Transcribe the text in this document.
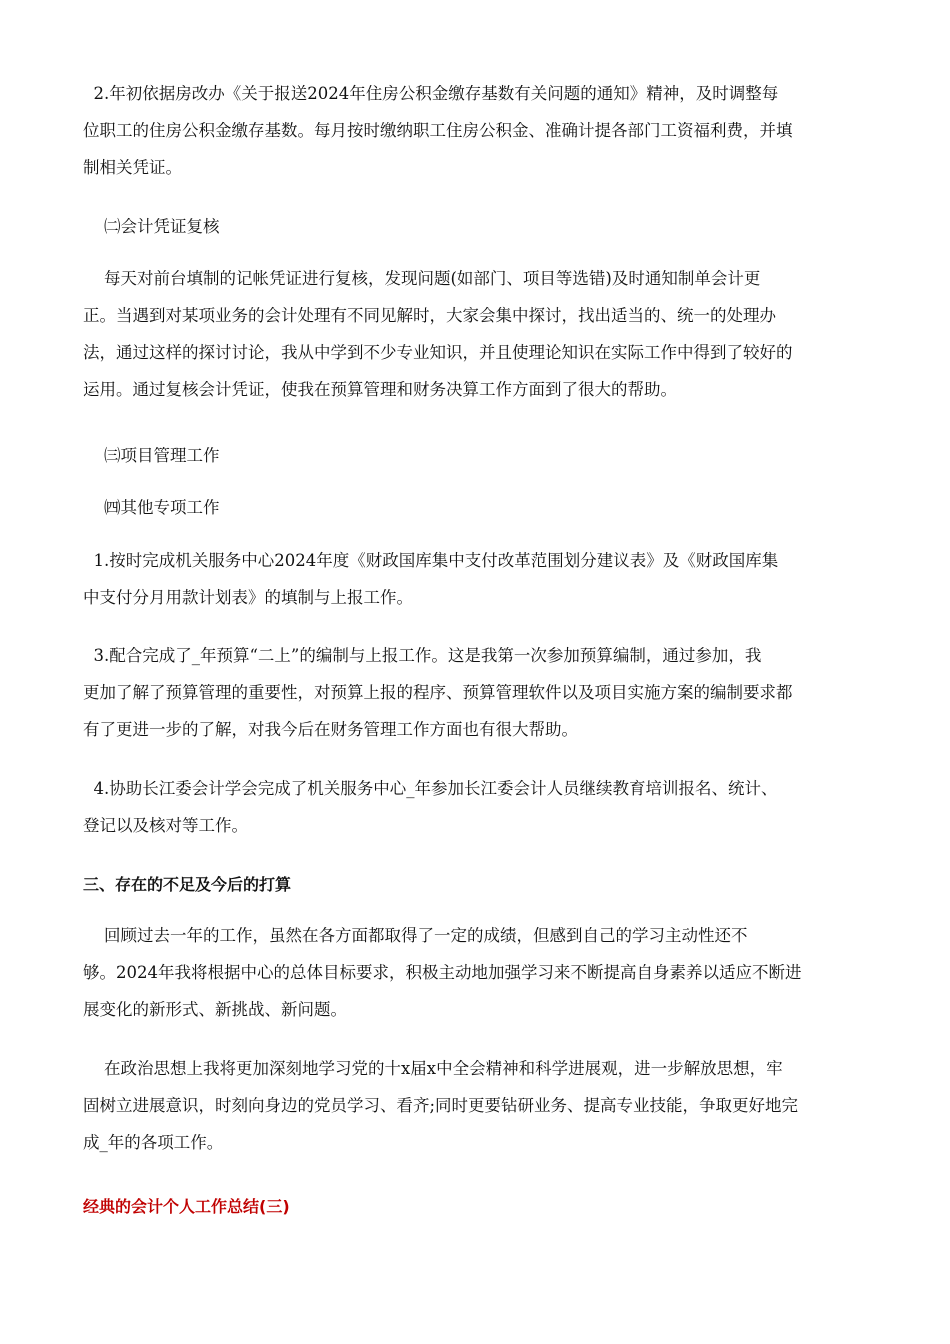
2.年初依据房改办《关于报送2024年住房公积金缴存基数有关问题的通知》精神，及时调整每
位职工的住房公积金缴存基数。每月按时缴纳职工住房公积金、准确计提各部门工资福利费，并填
制相关凭证。
㈡会计凭证复核
每天对前台填制的记帐凭证进行复核，发现问题(如部门、项目等选错)及时通知制单会计更
正。当遇到对某项业务的会计处理有不同见解时，大家会集中探讨，找出适当的、统一的处理办
法，通过这样的探讨讨论，我从中学到不少专业知识，并且使理论知识在实际工作中得到了较好的
运用。通过复核会计凭证，使我在预算管理和财务决算工作方面到了很大的帮助。
㈢项目管理工作
㈣其他专项工作
1.按时完成机关服务中心2024年度《财政国库集中支付改革范围划分建议表》及《财政国库集
中支付分月用款计划表》的填制与上报工作。
3.配合完成了_年预算“二上”的编制与上报工作。这是我第一次参加预算编制，通过参加，我
更加了解了预算管理的重要性，对预算上报的程序、预算管理软件以及项目实施方案的编制要求都
有了更进一步的了解，对我今后在财务管理工作方面也有很大帮助。
4.协助长江委会计学会完成了机关服务中心_年参加长江委会计人员继续教育培训报名、统计、
登记以及核对等工作。
三、存在的不足及今后的打算
回顾过去一年的工作，虽然在各方面都取得了一定的成绩，但感到自己的学习主动性还不
够。2024年我将根据中心的总体目标要求，积极主动地加强学习来不断提高自身素养以适应不断进
展变化的新形式、新挑战、新问题。
在政治思想上我将更加深刻地学习党的十x届x中全会精神和科学进展观，进一步解放思想，牢
固树立进展意识，时刻向身边的党员学习、看齐;同时更要钻研业务、提高专业技能，争取更好地完
成_年的各项工作。
经典的会计个人工作总结(三)
